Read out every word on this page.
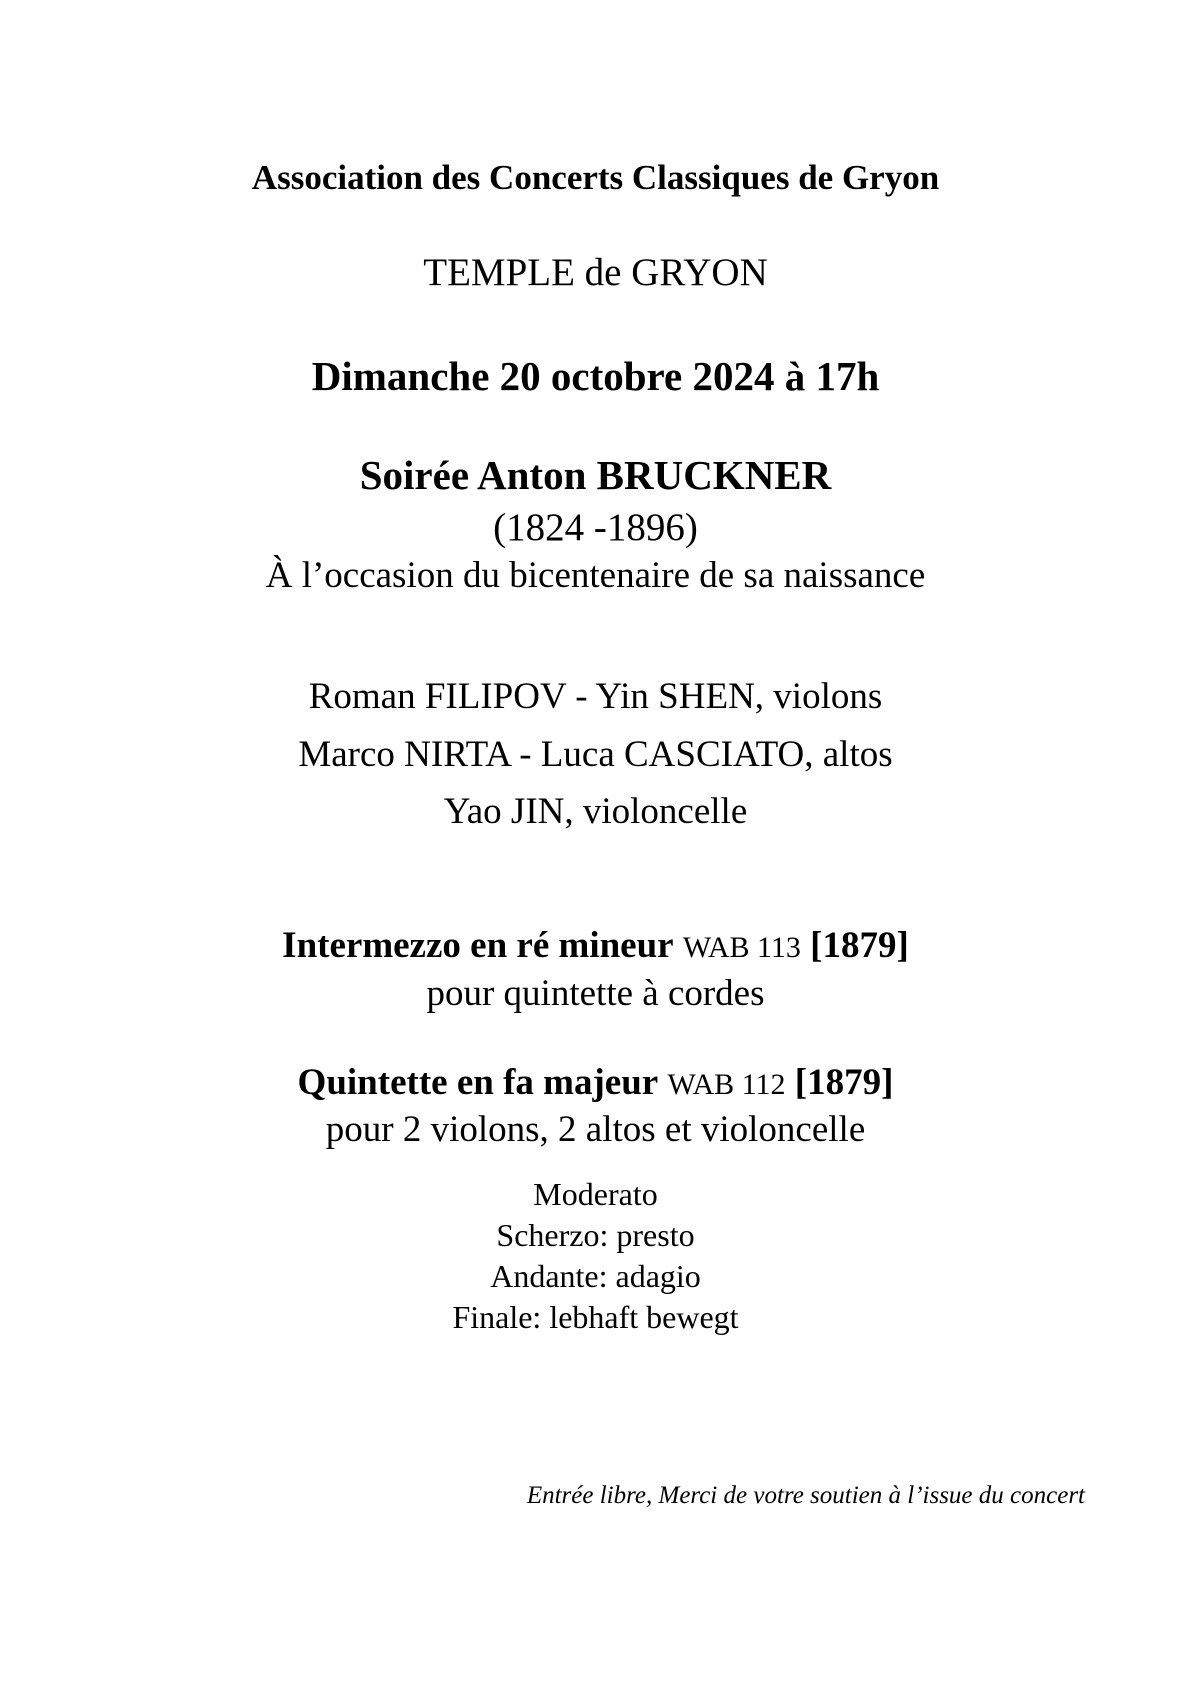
Association des Concerts Classiques de Gryon
TEMPLE de GRYON
Dimanche 20 octobre 2024 à 17h
Soirée Anton BRUCKNER
(1824 -1896)
À l’occasion du bicentenaire de sa naissance
Roman FILIPOV - Yin SHEN, violons
Marco NIRTA - Luca CASCIATO, altos
Yao JIN, violoncelle
Intermezzo en ré mineur WAB 113 [1879]
pour quintette à cordes
Quintette en fa majeur WAB 112 [1879]
pour 2 violons, 2 altos et violoncelle
Moderato
Scherzo: presto
Andante: adagio
Finale: lebhaft bewegt
Entrée libre, Merci de votre soutien à l’issue du concert
